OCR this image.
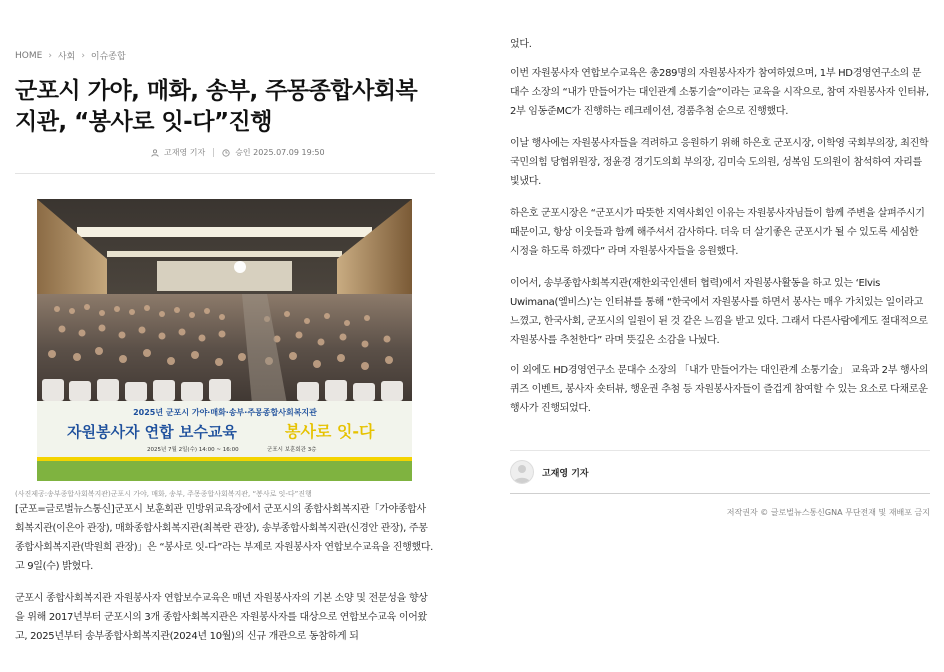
HOME › 사회 › 이슈종합
군포시 가야, 매화, 송부, 주몽종합사회복지관, “봉사로 잇-다”진행
고재영 기자	승인 2025.07.09 19:50
2025년 군포시 가야·매화·송부·주몽종합사회복지관
자원봉사자 연합 보수교육	봉사로 잇-다
2025년 7월 2일(수) 14:00 ~ 16:00	군포시 보훈회관 3층
(사진제공:송부종합사회복지관)군포시 가야, 매화, 송부, 주몽종합사회복지관, “봉사로 잇-다”진행

[군포=글로벌뉴스통신]군포시 보훈회관 민방위교육장에서 군포시의 종합사회복지관「가야종합사회복지관(이은아 관장), 매화종합사회복지관(최복란 관장), 송부종합사회복지관(신경안 관장), 주몽종합사회복지관(박원희 관장)」은 “봉사로 잇-다”라는 부제로 자원봉사자 연합보수교육을 진행했다. 고 9일(수) 밝혔다.

군포시 종합사회복지관 자원봉사자 연합보수교육은 매년 자원봉사자의 기본 소양 및 전문성을 향상을 위해 2017년부터 군포시의 3개 종합사회복지관은 자원봉사자를 대상으로 연합보수교육 이어왔고, 2025년부터 송부종합사회복지관(2024년 10월)의 신규 개관으로 동참하게 되

었다.

이번 자원봉사자 연합보수교육은 총289명의 자원봉사자가 참여하였으며, 1부 HD경영연구소의 문대수 소장의 “내가 만들어가는 대인관계 소통기술”이라는 교육을 시작으로, 참여 자원봉사자 인터뷰, 2부 임동준MC가 진행하는 레크레이션, 경품추첨 순으로 진행했다.

이날 행사에는 자원봉사자들을 격려하고 응원하기 위해 하은호 군포시장, 이학영 국회부의장, 최진학 국민의힘 당협위원장, 정윤경 경기도의회 부의장, 김미숙 도의원, 성복임 도의원이 참석하여 자리를 빛냈다.

하은호 군포시장은 “군포시가 따뜻한 지역사회인 이유는 자원봉사자님들이 함께 주변을 살펴주시기 때문이고, 항상 이웃들과 함께 해주셔서 감사하다. 더욱 더 살기좋은 군포시가 될 수 있도록 세심한 시정을 하도록 하겠다” 라며 자원봉사자들을 응원했다.

이어서, 송부종합사회복지관(재한외국인센터 협력)에서 자원봉사활동을 하고 있는 ‘Elvis Uwimana(엘비스)’는 인터뷰를 통해 “한국에서 자원봉사를 하면서 봉사는 매우 가치있는 일이라고 느꼈고, 한국사회, 군포시의 일원이 된 것 같은 느낌을 받고 있다. 그래서 다른사람에게도 절대적으로 자원봉사를 추천한다” 라며 뜻깊은 소감을 나눴다.

이 외에도 HD경영연구소 문대수 소장의 「내가 만들어가는 대인관계 소통기술」 교육과 2부 행사의 퀴즈 이벤트, 봉사자 숏터뷰, 행운권 추첨 등 자원봉사자들이 즐겁게 참여할 수 있는 요소로 다채로운 행사가 진행되었다.

고재영 기자
저작권자 © 글로벌뉴스통신GNA 무단전재 및 재배포 금지
